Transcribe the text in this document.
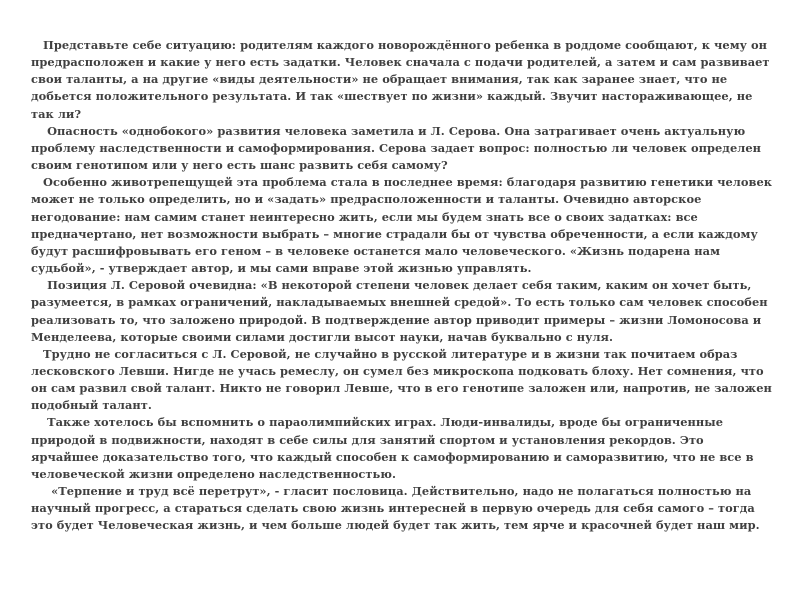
Представьте себе ситуацию: родителям каждого новорождённого ребенка в роддоме сообщают, к чему он предрасположен и какие у него есть задатки. Человек сначала с подачи родителей, а затем и сам развивает свои таланты, а на другие «виды деятельности» не обращает внимания, так как заранее знает, что не добьется положительного результата. И так «шествует по жизни» каждый. Звучит настораживающее, не так ли?

Опасность «однобокого» развития человека заметила и Л. Серова. Она затрагивает очень актуальную проблему наследственности и самоформирования. Серова задает вопрос: полностью ли человек определен своим генотипом или у него есть шанс развить себя самому?

Особенно животрепещущей эта проблема стала в последнее время: благодаря развитию генетики человек может не только определить, но и «задать» предрасположенности и таланты. Очевидно авторское негодование: нам самим станет неинтересно жить, если мы будем знать все о своих задатках: все предначертано, нет возможности выбрать – многие страдали бы от чувства обреченности, а если каждому будут расшифровывать его геном – в человеке останется мало человеческого. «Жизнь подарена нам судьбой», - утверждает автор, и мы сами вправе этой жизнью управлять.

Позиция Л. Серовой очевидна: «В некоторой степени человек делает себя таким, каким он хочет быть, разумеется, в рамках ограничений, накладываемых внешней средой». То есть только сам человек способен реализовать то, что заложено природой. В подтверждение автор приводит примеры – жизни Ломоносова и Менделеева, которые своими силами достигли высот науки, начав буквально с нуля.

Трудно не согласиться с Л. Серовой, не случайно в русской литературе и в жизни так почитаем образ лесковского Левши. Нигде не учась ремеслу, он сумел без микроскопа подковать блоху. Нет сомнения, что он сам развил свой талант. Никто не говорил Левше, что в его генотипе заложен или, напротив, не заложен подобный талант.

Также хотелось бы вспомнить о параолимпийских играх. Люди-инвалиды, вроде бы ограниченные природой в подвижности, находят в себе силы для занятий спортом и установления рекордов. Это ярчайшее доказательство того, что каждый способен к самоформированию и саморазвитию, что не все в человеческой жизни определено наследственностью.

«Терпение и труд всё перетрут», - гласит пословица. Действительно, надо не полагаться полностью на научный прогресс, а стараться сделать свою жизнь интересней в первую очередь для себя самого – тогда это будет Человеческая жизнь, и чем больше людей будет так жить, тем ярче и красочней будет наш мир.
